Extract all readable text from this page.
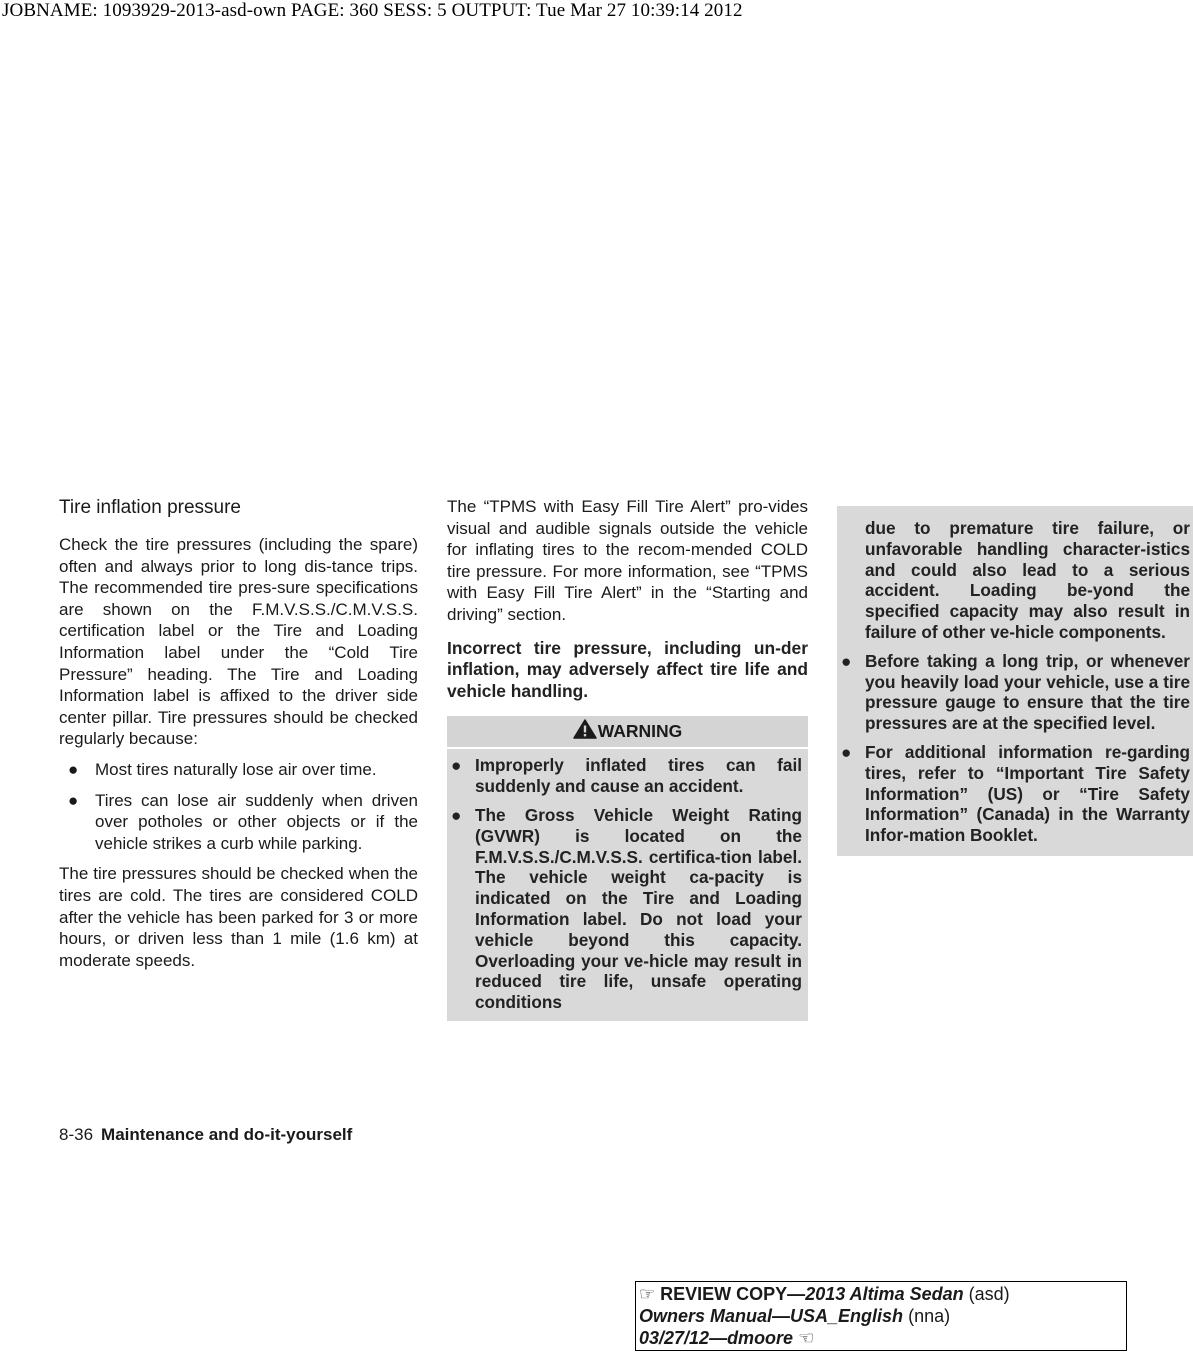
JOBNAME: 1093929-2013-asd-own PAGE: 360 SESS: 5 OUTPUT: Tue Mar 27 10:39:14 2012

Tire inflation pressure

Check the tire pressures (including the spare) often and always prior to long dis-tance trips. The recommended tire pres-sure specifications are shown on the F.M.V.S.S./C.M.V.S.S. certification label or the Tire and Loading Information label under the “Cold Tire Pressure” heading. The Tire and Loading Information label is affixed to the driver side center pillar. Tire pressures should be checked regularly because:

● Most tires naturally lose air over time.
● Tires can lose air suddenly when driven over potholes or other objects or if the vehicle strikes a curb while parking.

The tire pressures should be checked when the tires are cold. The tires are considered COLD after the vehicle has been parked for 3 or more hours, or driven less than 1 mile (1.6 km) at moderate speeds.

The “TPMS with Easy Fill Tire Alert” pro-vides visual and audible signals outside the vehicle for inflating tires to the recom-mended COLD tire pressure. For more information, see “TPMS with Easy Fill Tire Alert” in the “Starting and driving” section.

Incorrect tire pressure, including un-der inflation, may adversely affect tire life and vehicle handling.

WARNING
● Improperly inflated tires can fail suddenly and cause an accident.
● The Gross Vehicle Weight Rating (GVWR) is located on the F.M.V.S.S./C.M.V.S.S. certifica-tion label. The vehicle weight ca-pacity is indicated on the Tire and Loading Information label. Do not load your vehicle beyond this capacity. Overloading your ve-hicle may result in reduced tire life, unsafe operating conditions

due to premature tire failure, or unfavorable handling character-istics and could also lead to a serious accident. Loading be-yond the specified capacity may also result in failure of other ve-hicle components.

● Before taking a long trip, or whenever you heavily load your vehicle, use a tire pressure gauge to ensure that the tire pressures are at the specified level.
● For additional information re-garding tires, refer to “Important Tire Safety Information” (US) or “Tire Safety Information” (Canada) in the Warranty Infor-mation Booklet.
8-36 Maintenance and do-it-yourself
☞ REVIEW COPY—2013 Altima Sedan (asd)
Owners Manual—USA_English (nna)
03/27/12—dmoore ☜
